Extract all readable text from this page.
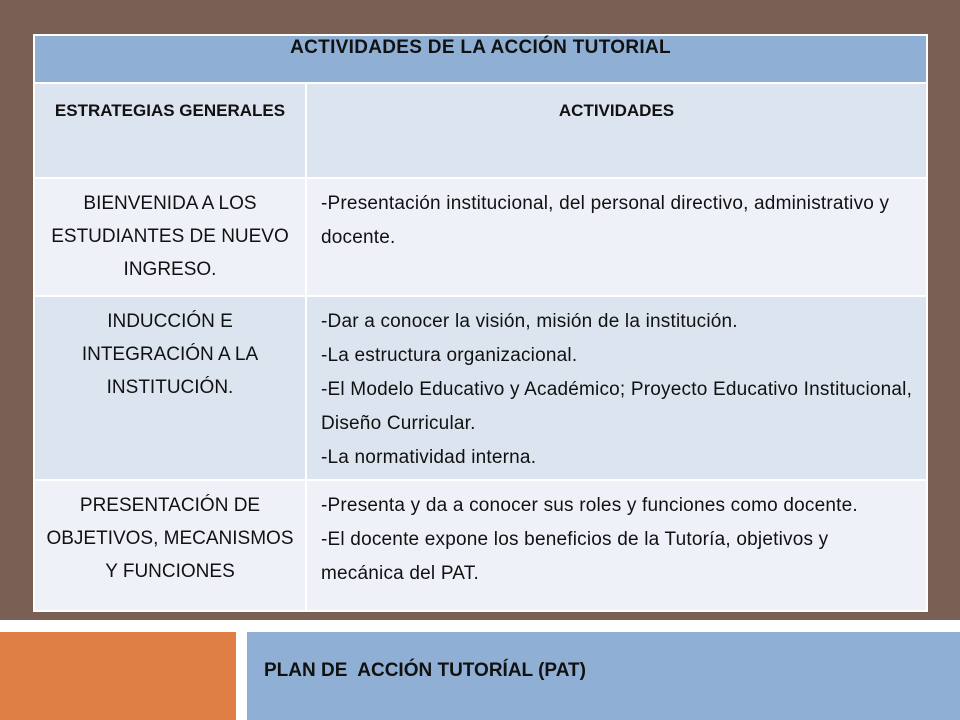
ACTIVIDADES DE LA ACCIÓN TUTORIAL	
ESTRATEGIAS GENERALES	ACTIVIDADES
BIENVENIDA A LOS ESTUDIANTES DE NUEVO INGRESO.	-Presentación institucional, del personal directivo, administrativo y docente.

INDUCCIÓN E INTEGRACIÓN A LA INSTITUCIÓN.	-Dar a conocer la visión, misión de la institución.
-La estructura organizacional.
-El Modelo Educativo y Académico; Proyecto Educativo Institucional, Diseño Curricular.
-La normatividad interna.

PRESENTACIÓN DE OBJETIVOS, MECANISMOS Y FUNCIONES	-Presenta y da a conocer sus roles y funciones como docente.
-El docente expone los beneficios de la Tutoría, objetivos y mecánica del PAT.
PLAN DE  ACCIÓN TUTORÍAL (PAT)
